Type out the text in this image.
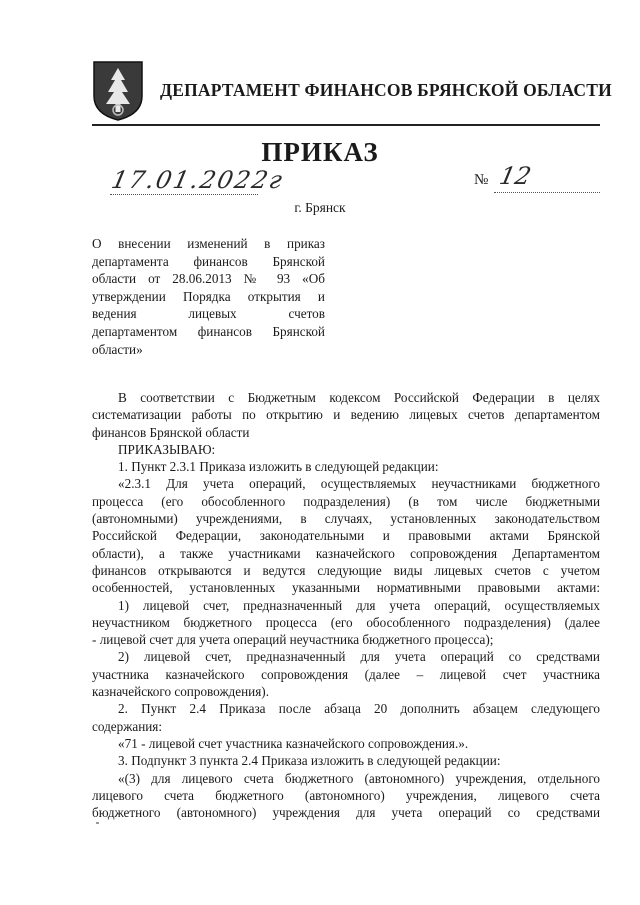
ДЕПАРТАМЕНТ ФИНАНСОВ БРЯНСКОЙ ОБЛАСТИ
ПРИКАЗ
17.01.2022г	№ 12
г. Брянск
О внесении изменений в приказ
департамента финансов Брянской
области от 28.06.2013 № 93 «Об
утверждении Порядка открытия и
ведения лицевых счетов
департаментом финансов Брянской
области»
В соответствии с Бюджетным кодексом Российской Федерации в целях
систематизации работы по открытию и ведению лицевых счетов департаментом
финансов Брянской области
ПРИКАЗЫВАЮ:
1. Пункт 2.3.1 Приказа изложить в следующей редакции:
«2.3.1 Для учета операций, осуществляемых неучастниками бюджетного
процесса (его обособленного подразделения) (в том числе бюджетными
(автономными) учреждениями, в случаях, установленных законодательством
Российской Федерации, законодательными и правовыми актами Брянской
области), а также участниками казначейского сопровождения Департаментом
финансов открываются и ведутся следующие виды лицевых счетов с учетом
особенностей, установленных указанными нормативными правовыми актами:
1) лицевой счет, предназначенный для учета операций, осуществляемых
неучастником бюджетного процесса (его обособленного подразделения) (далее
- лицевой счет для учета операций неучастника бюджетного процесса);
2) лицевой счет, предназначенный для учета операций со средствами
участника казначейского сопровождения (далее – лицевой счет участника
казначейского сопровождения).
2. Пункт 2.4 Приказа после абзаца 20 дополнить абзацем следующего
содержания:
«71 - лицевой счет участника казначейского сопровождения.».
3. Подпункт 3 пункта 2.4 Приказа изложить в следующей редакции:
«(3) для лицевого счета бюджетного (автономного) учреждения, отдельного
лицевого счета бюджетного (автономного) учреждения, лицевого счета
бюджетного (автономного) учреждения для учета операций со средствами
